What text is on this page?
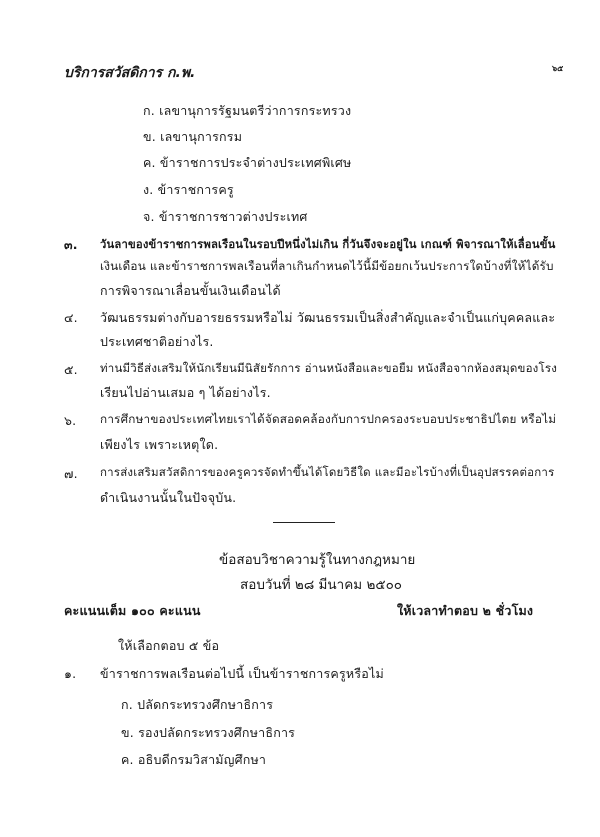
บริการสวัสดิการ ก.พ.	๖๕
ก. เลขานุการรัฐมนตรีว่าการกระทรวง
ข. เลขานุการกรม
ค. ข้าราชการประจำต่างประเทศพิเศษ
ง. ข้าราชการครู
จ. ข้าราชการชาวต่างประเทศ
๓. วันลาของข้าราชการพลเรือนในรอบปีหนึ่งไม่เกิน กี่วันจึงจะอยู่ใน เกณฑ์ พิจารณาให้เลื่อนขั้น
เงินเดือน และข้าราชการพลเรือนที่ลาเกินกำหนดไว้นี้มีข้อยกเว้นประการใดบ้างที่ให้ได้รับ
การพิจารณาเลื่อนขั้นเงินเดือนได้
๔. วัฒนธรรมต่างกับอารยธรรมหรือไม่ วัฒนธรรมเป็นสิ่งสำคัญและจำเป็นแก่บุคคลและ
ประเทศชาติอย่างไร.
๕. ท่านมีวิธีส่งเสริมให้นักเรียนมีนิสัยรักการ อ่านหนังสือและขอยืม หนังสือจากห้องสมุดของโรง
เรียนไปอ่านเสมอ ๆ ได้อย่างไร.
๖. การศึกษาของประเทศไทยเราได้จัดสอดคล้องกับการปกครองระบอบประชาธิปไตย หรือไม่
เพียงไร เพราะเหตุใด.
๗. การส่งเสริมสวัสดิการของครูควรจัดทำขึ้นได้โดยวิธีใด และมีอะไรบ้างที่เป็นอุปสรรคต่อการ
ดำเนินงานนั้นในปัจจุบัน.
ข้อสอบวิชาความรู้ในทางกฎหมาย
สอบวันที่ ๒๘ มีนาคม ๒๕๐๐
คะแนนเต็ม ๑๐๐ คะแนน	ให้เวลาทำตอบ ๒ ชั่วโมง
ให้เลือกตอบ ๕ ข้อ
๑. ข้าราชการพลเรือนต่อไปนี้ เป็นข้าราชการครูหรือไม่
ก. ปลัดกระทรวงศึกษาธิการ
ข. รองปลัดกระทรวงศึกษาธิการ
ค. อธิบดีกรมวิสามัญศึกษา
